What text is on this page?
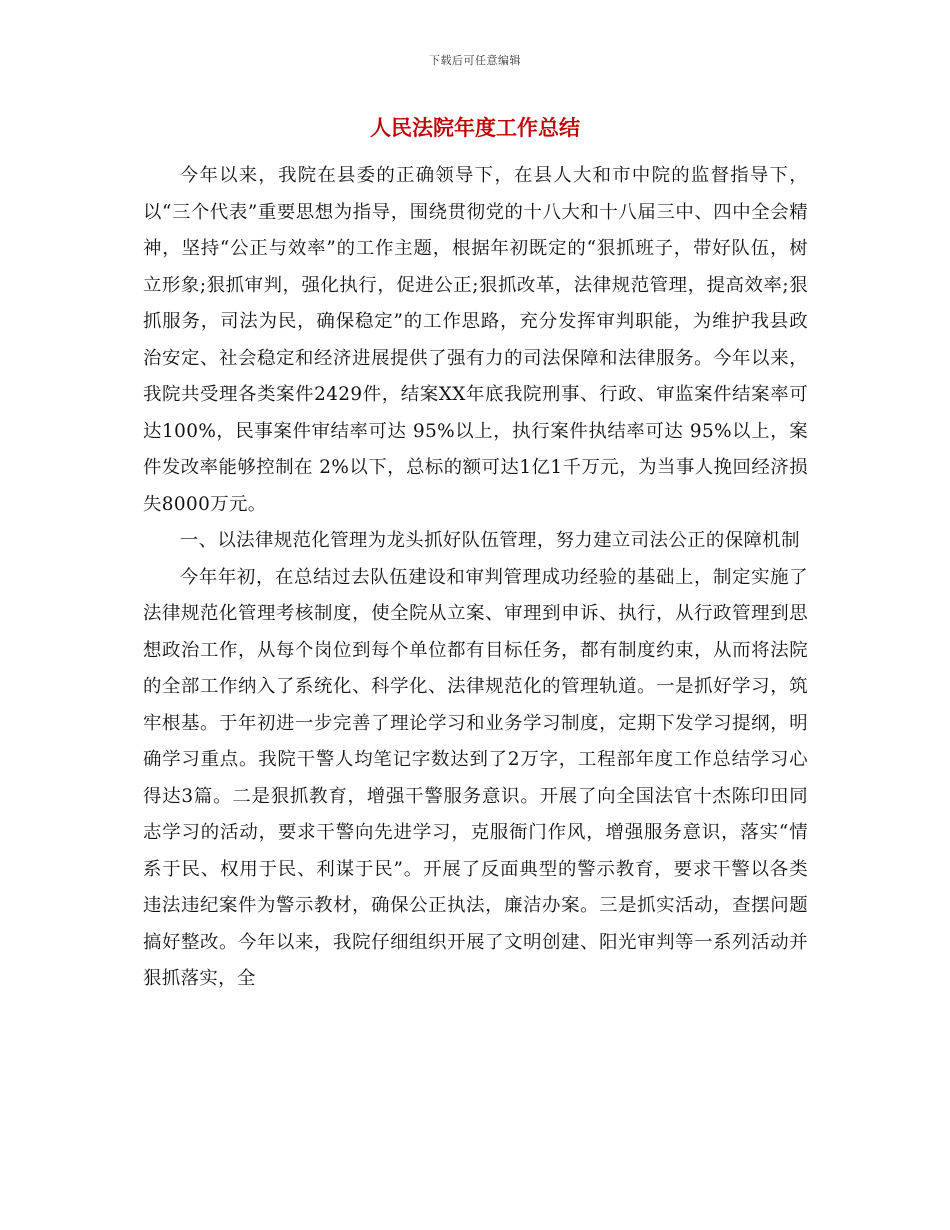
下载后可任意编辑
人民法院年度工作总结

今年以来，我院在县委的正确领导下，在县人大和市中院的监督指导下，以“三个代表”重要思想为指导，围绕贯彻党的十八大和十八届三中、四中全会精神，坚持“公正与效率”的工作主题，根据年初既定的“狠抓班子，带好队伍，树立形象;狠抓审判，强化执行，促进公正;狠抓改革，法律规范管理，提高效率;狠抓服务，司法为民，确保稳定”的工作思路，充分发挥审判职能，为维护我县政治安定、社会稳定和经济进展提供了强有力的司法保障和法律服务。今年以来，我院共受理各类案件2429件，结案XX年底我院刑事、行政、审监案件结案率可达100%，民事案件审结率可达 95%以上，执行案件执结率可达 95%以上，案件发改率能够控制在 2%以下，总标的额可达1亿1千万元，为当事人挽回经济损失8000万元。

一、以法律规范化管理为龙头抓好队伍管理，努力建立司法公正的保障机制

今年年初，在总结过去队伍建设和审判管理成功经验的基础上，制定实施了法律规范化管理考核制度，使全院从立案、审理到申诉、执行，从行政管理到思想政治工作，从每个岗位到每个单位都有目标任务，都有制度约束，从而将法院的全部工作纳入了系统化、科学化、法律规范化的管理轨道。一是抓好学习，筑牢根基。于年初进一步完善了理论学习和业务学习制度，定期下发学习提纲，明确学习重点。我院干警人均笔记字数达到了2万字，工程部年度工作总结学习心得达3篇。二是狠抓教育，增强干警服务意识。开展了向全国法官十杰陈印田同志学习的活动，要求干警向先进学习，克服衙门作风，增强服务意识，落实“情系于民、权用于民、利谋于民”。开展了反面典型的警示教育，要求干警以各类违法违纪案件为警示教材，确保公正执法，廉洁办案。三是抓实活动，查摆问题搞好整改。今年以来，我院仔细组织开展了文明创建、阳光审判等一系列活动并狠抓落实，全
